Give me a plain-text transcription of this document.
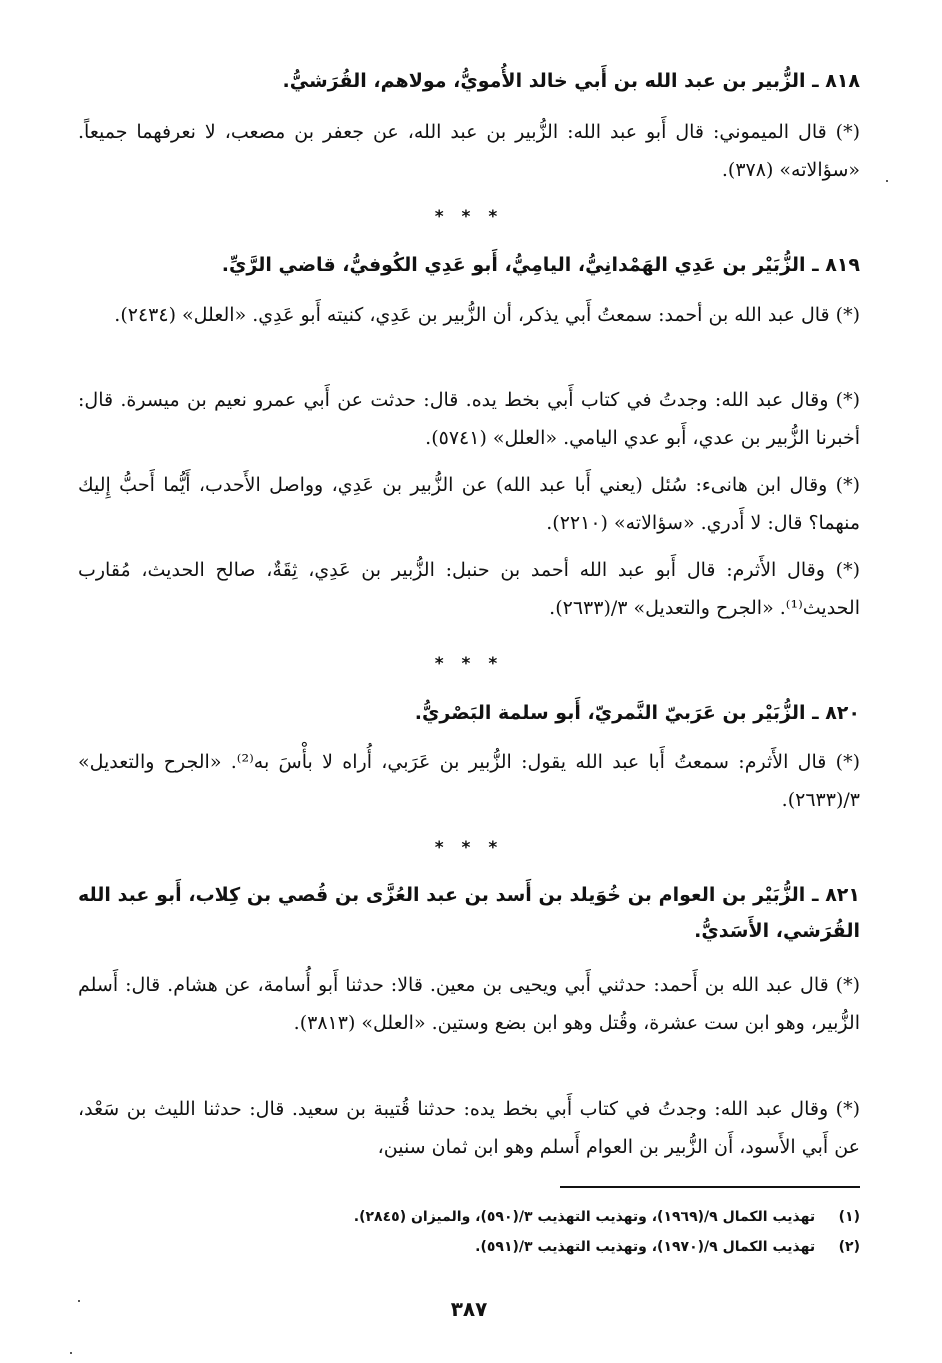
٨١٨ ـ الزُّبير بن عبد الله بن أَبي خالد الأُمويُّ، مولاهم، القُرَشيُّ.

(*) قال الميموني: قال أَبو عبد الله: الزُّبير بن عبد الله، عن جعفر بن مصعب، لا نعرفهما جميعاً. «سؤالاته» (٣٧٨).

* * *

٨١٩ ـ الزُّبَيْر بن عَدِي الهَمْدانِيُّ، اليامِيُّ، أَبو عَدِي الكُوفيُّ، قاضي الرَّيِّ.

(*) قال عبد الله بن أحمد: سمعتُ أَبي يذكر، أن الزُّبير بن عَدِي، كنيته أَبو عَدِي. «العلل» (٢٤٣٤).

(*) وقال عبد الله: وجدتُ في كتاب أَبي بخط يده. قال: حدثت عن أَبي عمرو نعيم بن ميسرة. قال: أخبرنا الزُّبير بن عدي، أَبو عدي اليامي. «العلل» (٥٧٤١).

(*) وقال ابن هانىء: سُئل (يعني أَبا عبد الله) عن الزُّبير بن عَدِي، وواصل الأَحدب، أَيُّما أَحبُّ إِليك منهما؟ قال: لا أَدري. «سؤالاته» (٢٢١٠).

(*) وقال الأَثرم: قال أَبو عبد الله أحمد بن حنبل: الزُّبير بن عَدِي، ثِقَةٌ، صالح الحديث، مُقارب الحديث⁽¹⁾. «الجرح والتعديل» ٣/(٢٦٣٣).

* * *

٨٢٠ ـ الزُّبَيْر بن عَرَبيّ النَّمريّ، أَبو سلمة البَصْريُّ.

(*) قال الأَثرم: سمعتُ أَبا عبد الله يقول: الزُّبير بن عَرَبي، أُراه لا بأْسَ به⁽²⁾. «الجرح والتعديل» ٣/(٢٦٣٣).

* * *

٨٢١ ـ الزُّبَيْر بن العوام بن خُوَيلد بن أَسد بن عبد العُزَّى بن قُصي بن كِلاب، أَبو عبد الله القُرَشي، الأَسَديُّ.

(*) قال عبد الله بن أَحمد: حدثني أَبي ويحيى بن معين. قالا: حدثنا أَبو أُسامة، عن هشام. قال: أَسلم الزُّبير، وهو ابن ست عشرة، وقُتل وهو ابن بضع وستين. «العلل» (٣٨١٣).

(*) وقال عبد الله: وجدتُ في كتاب أَبي بخط يده: حدثنا قُتيبة بن سعيد. قال: حدثنا الليث بن سَعْد، عن أَبي الأَسود، أَن الزُّبير بن العوام أَسلم وهو ابن ثمان سنين،

(١) تهذيب الكمال ٩/(١٩٦٩)، وتهذيب التهذيب ٣/(٥٩٠)، والميزان (٢٨٤٥).

(٢) تهذيب الكمال ٩/(١٩٧٠)، وتهذيب التهذيب ٣/(٥٩١).

٣٨٧
